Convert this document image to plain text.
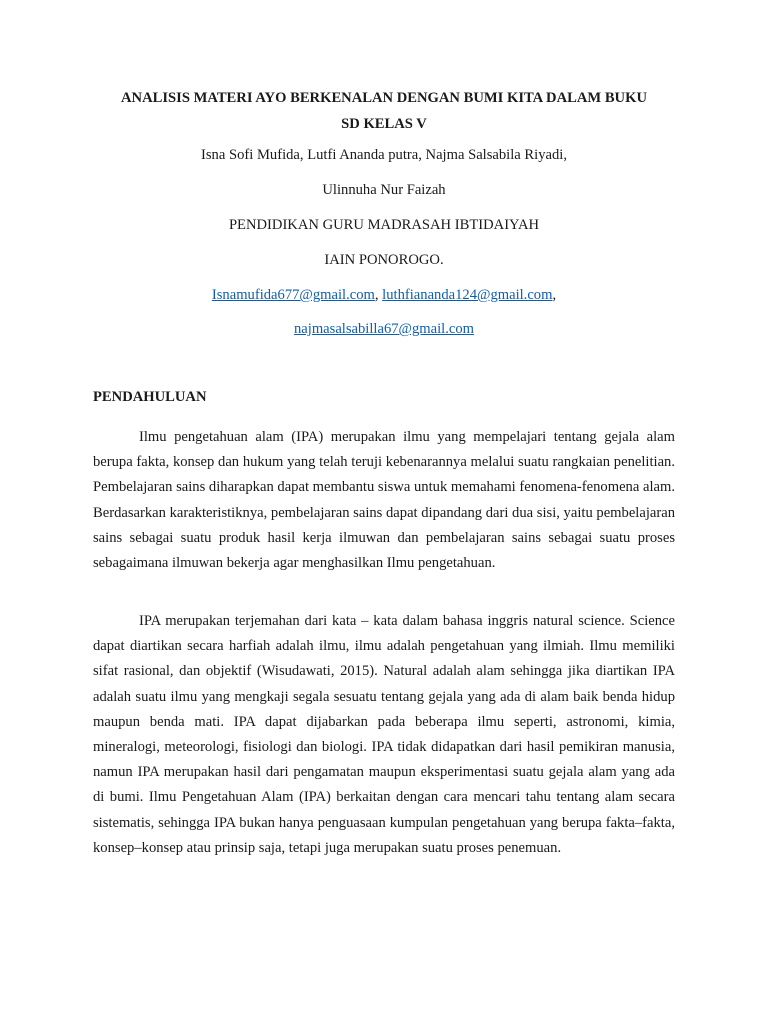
ANALISIS MATERI AYO BERKENALAN DENGAN BUMI KITA DALAM BUKU
SD KELAS V

Isna Sofi Mufida, Lutfi Ananda putra, Najma Salsabila Riyadi,

Ulinnuha Nur Faizah

PENDIDIKAN GURU MADRASAH IBTIDAIYAH

IAIN PONOROGO.

Isnamufida677@gmail.com, luthfiananda124@gmail.com,

najmasalsabilla67@gmail.com

PENDAHULUAN

Ilmu pengetahuan alam (IPA) merupakan ilmu yang mempelajari tentang gejala alam berupa fakta, konsep dan hukum yang telah teruji kebenarannya melalui suatu rangkaian penelitian. Pembelajaran sains diharapkan dapat membantu siswa untuk memahami fenomena-fenomena alam. Berdasarkan karakteristiknya, pembelajaran sains dapat dipandang dari dua sisi, yaitu pembelajaran sains sebagai suatu produk hasil kerja ilmuwan dan pembelajaran sains sebagai suatu proses sebagaimana ilmuwan bekerja agar menghasilkan Ilmu pengetahuan.

IPA merupakan terjemahan dari kata – kata dalam bahasa inggris natural science. Science dapat diartikan secara harfiah adalah ilmu, ilmu adalah pengetahuan yang ilmiah. Ilmu memiliki sifat rasional, dan objektif (Wisudawati, 2015). Natural adalah alam sehingga jika diartikan IPA adalah suatu ilmu yang mengkaji segala sesuatu tentang gejala yang ada di alam baik benda hidup maupun benda mati. IPA dapat dijabarkan pada beberapa ilmu seperti, astronomi, kimia, mineralogi, meteorologi, fisiologi dan biologi. IPA tidak didapatkan dari hasil pemikiran manusia, namun IPA merupakan hasil dari pengamatan maupun eksperimentasi suatu gejala alam yang ada di bumi. Ilmu Pengetahuan Alam (IPA) berkaitan dengan cara mencari tahu tentang alam secara sistematis, sehingga IPA bukan hanya penguasaan kumpulan pengetahuan yang berupa fakta–fakta, konsep–konsep atau prinsip saja, tetapi juga merupakan suatu proses penemuan.
